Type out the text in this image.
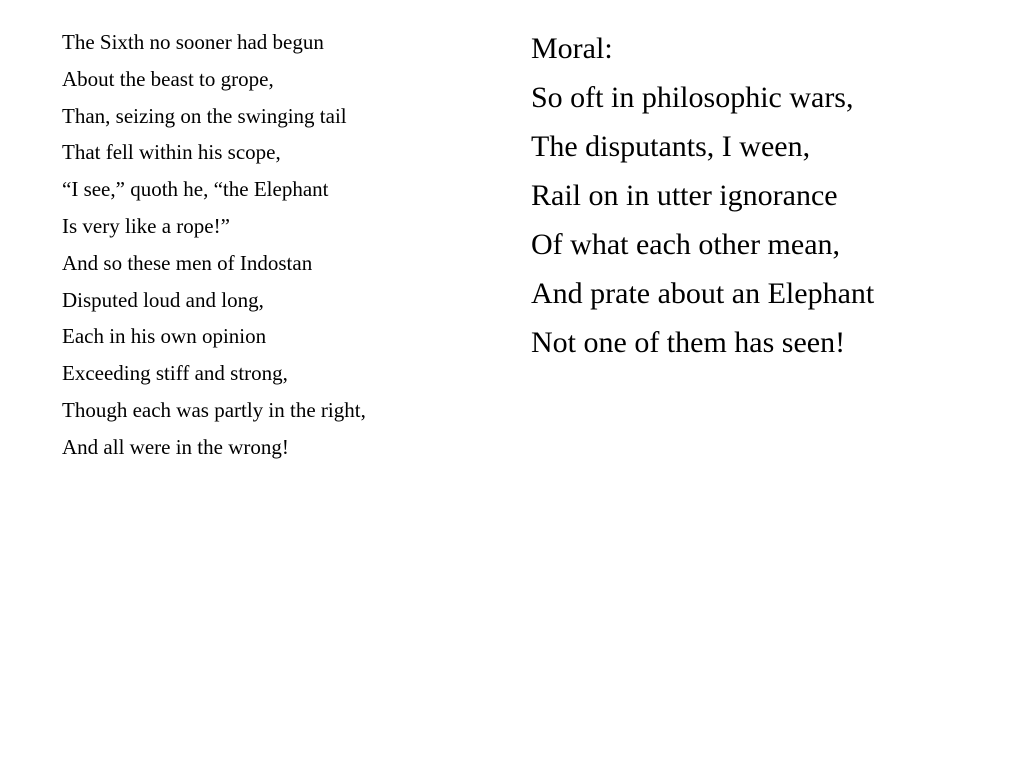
The Sixth no sooner had begun
About the beast to grope,
Than, seizing on the swinging tail
That fell within his scope,
“I see,” quoth he, “the Elephant
Is very like a rope!”
And so these men of Indostan
Disputed loud and long,
Each in his own opinion
Exceeding stiff and strong,
Though each was partly in the right,
And all were in the wrong!
Moral:
So oft in philosophic wars,
The disputants, I ween,
Rail on in utter ignorance
Of what each other mean,
And prate about an Elephant
Not one of them has seen!
